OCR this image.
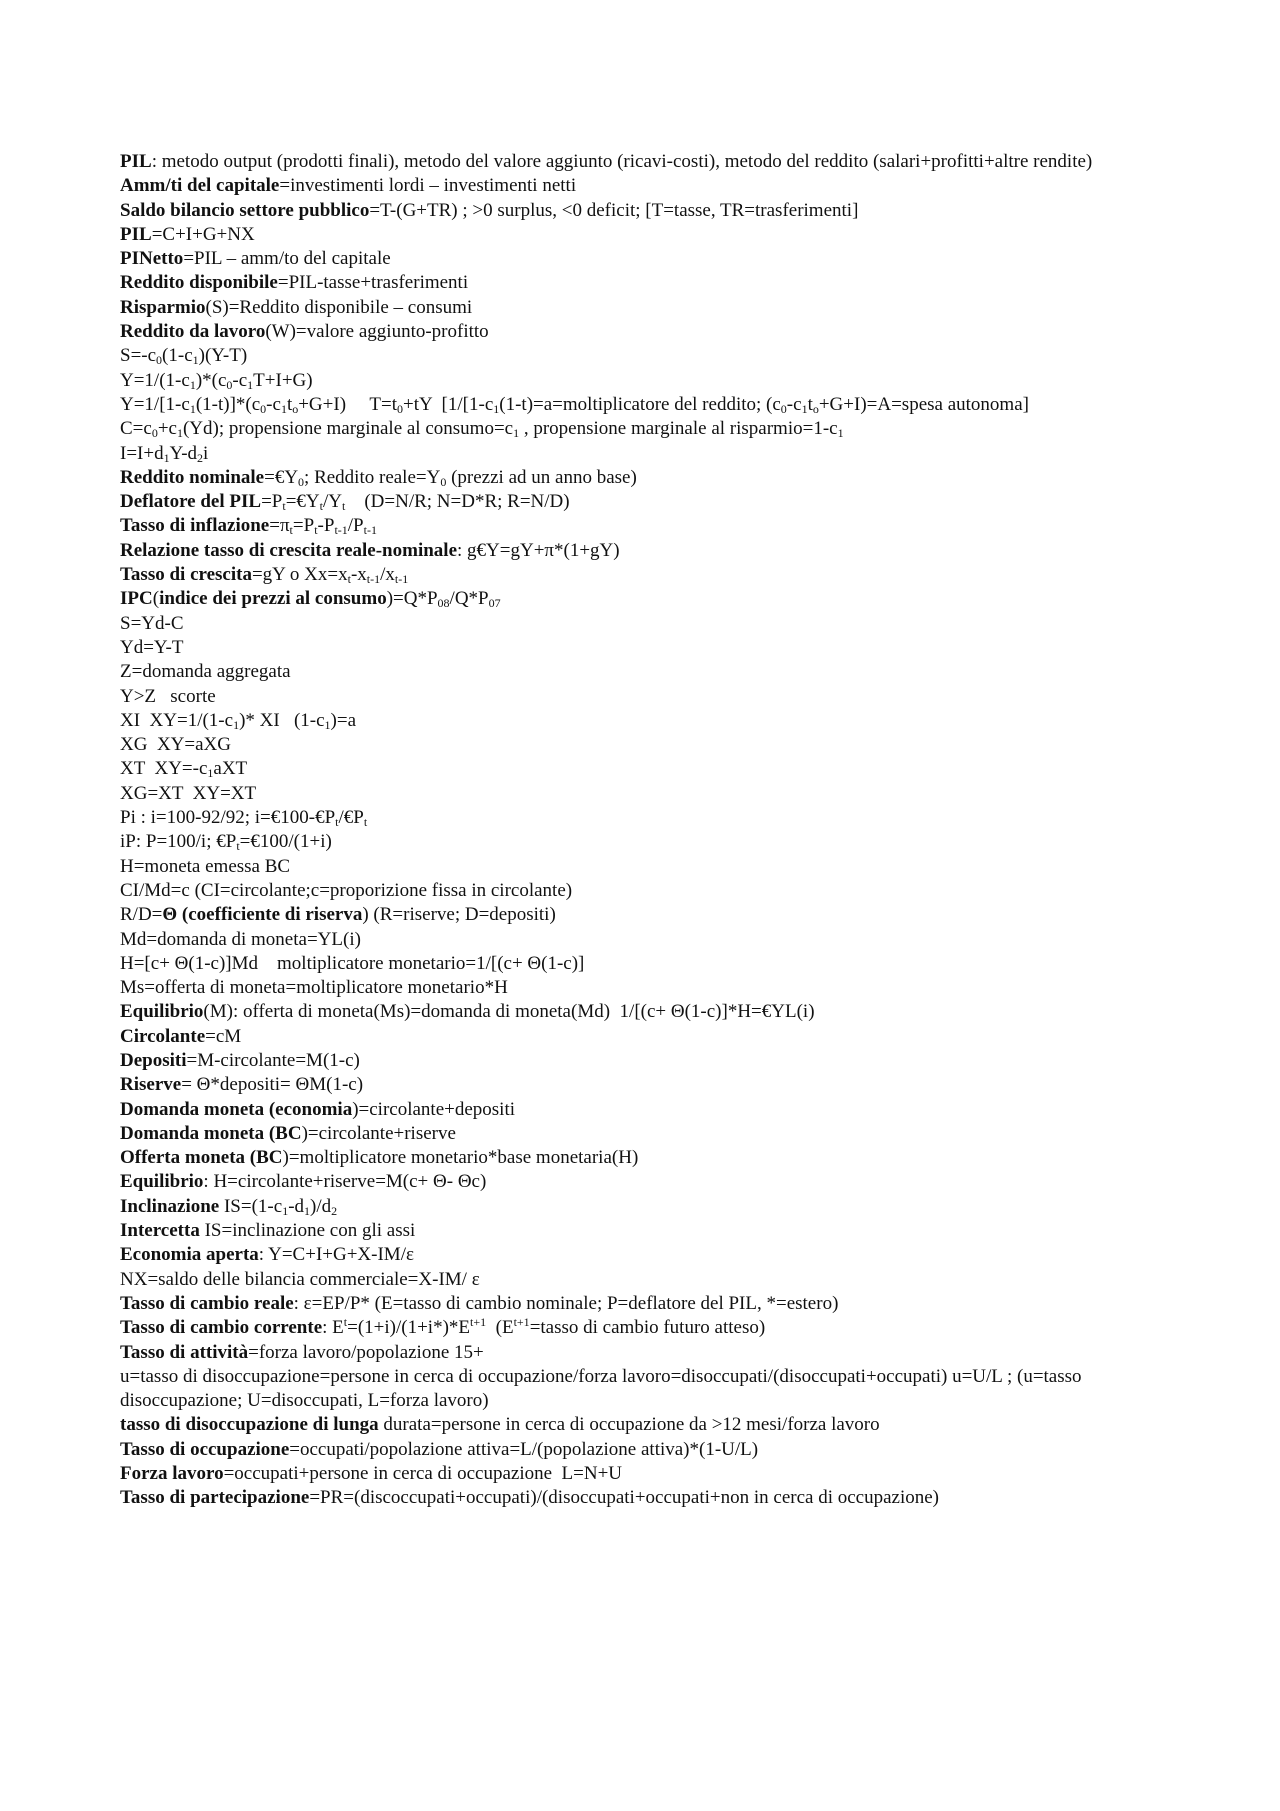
PIL: metodo output (prodotti finali), metodo del valore aggiunto (ricavi-costi), metodo del reddito (salari+profitti+altre rendite)
Amm/ti del capitale=investimenti lordi – investimenti netti
Saldo bilancio settore pubblico=T-(G+TR) ; >0 surplus, <0 deficit; [T=tasse, TR=trasferimenti]
PIL=C+I+G+NX
PINetto=PIL – amm/to del capitale
Reddito disponibile=PIL-tasse+trasferimenti
Risparmio(S)=Reddito disponibile – consumi
Reddito da lavoro(W)=valore aggiunto-profitto
$S=-c_0(1-c_1)(Y-T)$
$Y=1/(1-c_1)*(c_0-c_1T+I+G)$
$Y=1/[1-c_1(1-t)]*(c_0-c_1t_o+G+I)$     $T=t_0+tY$  [$1/[1-c_1(1-t)=a=moltiplicatore$ del reddito; $(c_0-c_1t_o+G+I)=A=spesa$ autonoma]
$C=c_0+c_1(Yd)$; propensione marginale al $consumo=c_1$ , propensione marginale al $risparmio=1-c_1$
$I=I+d_1Y-d_2i$
Reddito $nominale=€Y_0$; Reddito $reale=Y_0$ (prezzi ad un anno base)
Deflatore del $PIL=P_t=€Y_t/Y_t$    (D=N/R; N=D*R; R=N/D)
Tasso di $inflazione=\pi_t=P_t-P_{t-1}/P_{t-1}$
Relazione tasso di crescita reale-nominale: g€Y=gY+π*(1+gY)
Tasso di crescita=gY o $Xx=x_t-x_{t-1}/x_{t-1}$
IPC(indice dei prezzi al $consumo)=Q*P_{08}/Q*P_{07}$
S=Yd-C
Yd=Y-T
Z=domanda aggregata
Y>Z   scorte
XI  $XY=1/(1-c_1)*$ XI   $(1-c_1)=a$
XG  XY=aXG
XT  $XY=-c_1aXT$
XG=XT  XY=XT
Pi : i=100-92/92; $i=€100-€P_t/€P_t$
iP: P=100/i; $€P_t=€100/(1+i)$
H=moneta emessa BC
CI/Md=c (CI=circolante;c=proporizione fissa in circolante)
R/D=Θ (coefficiente di riserva) (R=riserve; D=depositi)
Md=domanda di moneta=YL(i)
H=[c+ Θ(1-c)]Md    moltiplicatore monetario=1/[(c+ Θ(1-c)]
Ms=offerta di moneta=moltiplicatore monetario*H
Equilibrio(M): offerta di moneta(Ms)=domanda di moneta(Md)  1/[(c+ Θ(1-c)]*H=€YL(i)
Circolante=cM
Depositi=M-circolante=M(1-c)
Riserve= Θ*depositi= ΘM(1-c)
Domanda moneta (economia)=circolante+depositi
Domanda moneta (BC)=circolante+riserve
Offerta moneta (BC)=moltiplicatore monetario*base monetaria(H)
Equilibrio: H=circolante+riserve=M(c+ Θ- Θc)
Inclinazione $IS=(1-c_1-d_1)/d_2$
Intercetta IS=inclinazione con gli assi
Economia aperta: Y=C+I+G+X-IM/ε
NX=saldo delle bilancia commerciale=X-IM/ ε
Tasso di cambio reale: ε=EP/P* (E=tasso di cambio nominale; P=deflatore del PIL, *=estero)
Tasso di cambio corrente: $E^t=(1+i)/(1+i*)*E^{t+1}$  ($E^{t+1}=tasso$ di cambio futuro atteso)
Tasso di attività=forza lavoro/popolazione 15+
u=tasso di disoccupazione=persone in cerca di occupazione/forza lavoro=disoccupati/(disoccupati+occupati) u=U/L ; (u=tasso disoccupazione; U=disoccupati, L=forza lavoro)
tasso di disoccupazione di lunga durata=persone in cerca di occupazione da >12 mesi/forza lavoro
Tasso di occupazione=occupati/popolazione attiva=L/(popolazione attiva)*(1-U/L)
Forza lavoro=occupati+persone in cerca di occupazione  L=N+U
Tasso di partecipazione=PR=(discoccupati+occupati)/(disoccupati+occupati+non in cerca di occupazione)
